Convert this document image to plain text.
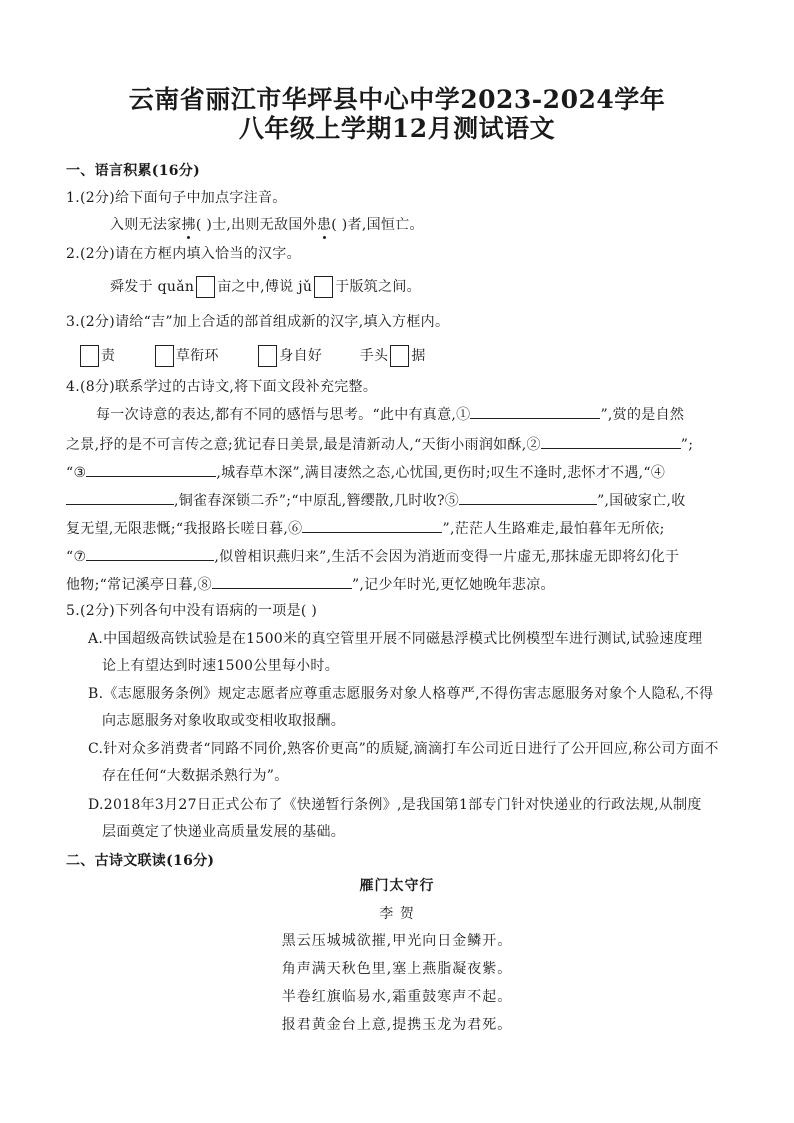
云南省丽江市华坪县中心中学2023-2024学年
八年级上学期12月测试语文
一、语言积累(16分)
1.(2分)给下面句子中加点字注音。
入则无法家拂( )士,出则无敌国外患( )者,国恒亡。
2.(2分)请在方框内填入恰当的汉字。
舜发于 quǎn 亩之中,傅说 jǔ 于版筑之间。
3.(2分)请给“吉”加上合适的部首组成新的汉字,填入方框内。
责	草衔环	身自好	手头 据
4.(8分)联系学过的古诗文,将下面文段补充完整。
每一次诗意的表达,都有不同的感悟与思考。“此中有真意,①	”,赏的是自然
之景,抒的是不可言传之意;犹记春日美景,最是清新动人,“天街小雨润如酥,②	”;
“③	,城春草木深”,满目凄然之态,心忧国,更伤时;叹生不逢时,悲怀才不遇,“④
,铜雀春深锁二乔”;“中原乱,簪缨散,几时收?⑤	”,国破家亡,收
复无望,无限悲慨;“我报路长嗟日暮,⑥	”,茫茫人生路难走,最怕暮年无所依;
“⑦	,似曾相识燕归来”,生活不会因为消逝而变得一片虚无,那抹虚无即将幻化于
他物;“常记溪亭日暮,⑧	”,记少年时光,更忆她晚年悲凉。
5.(2分)下列各句中没有语病的一项是( )
A.中国超级高铁试验是在1500米的真空管里开展不同磁悬浮模式比例模型车进行测试,试验速度理
论上有望达到时速1500公里每小时。
B.《志愿服务条例》规定志愿者应尊重志愿服务对象人格尊严,不得伤害志愿服务对象个人隐私,不得
向志愿服务对象收取或变相收取报酬。
C.针对众多消费者“同路不同价,熟客价更高”的质疑,滴滴打车公司近日进行了公开回应,称公司方面不
存在任何“大数据杀熟行为”。
D.2018年3月27日正式公布了《快递暂行条例》,是我国第1部专门针对快递业的行政法规,从制度
层面奠定了快递业高质量发展的基础。
二、古诗文联读(16分)
雁门太守行
李 贺
黑云压城城欲摧,甲光向日金鳞开。
角声满天秋色里,塞上燕脂凝夜紫。
半卷红旗临易水,霜重鼓寒声不起。
报君黄金台上意,提携玉龙为君死。
